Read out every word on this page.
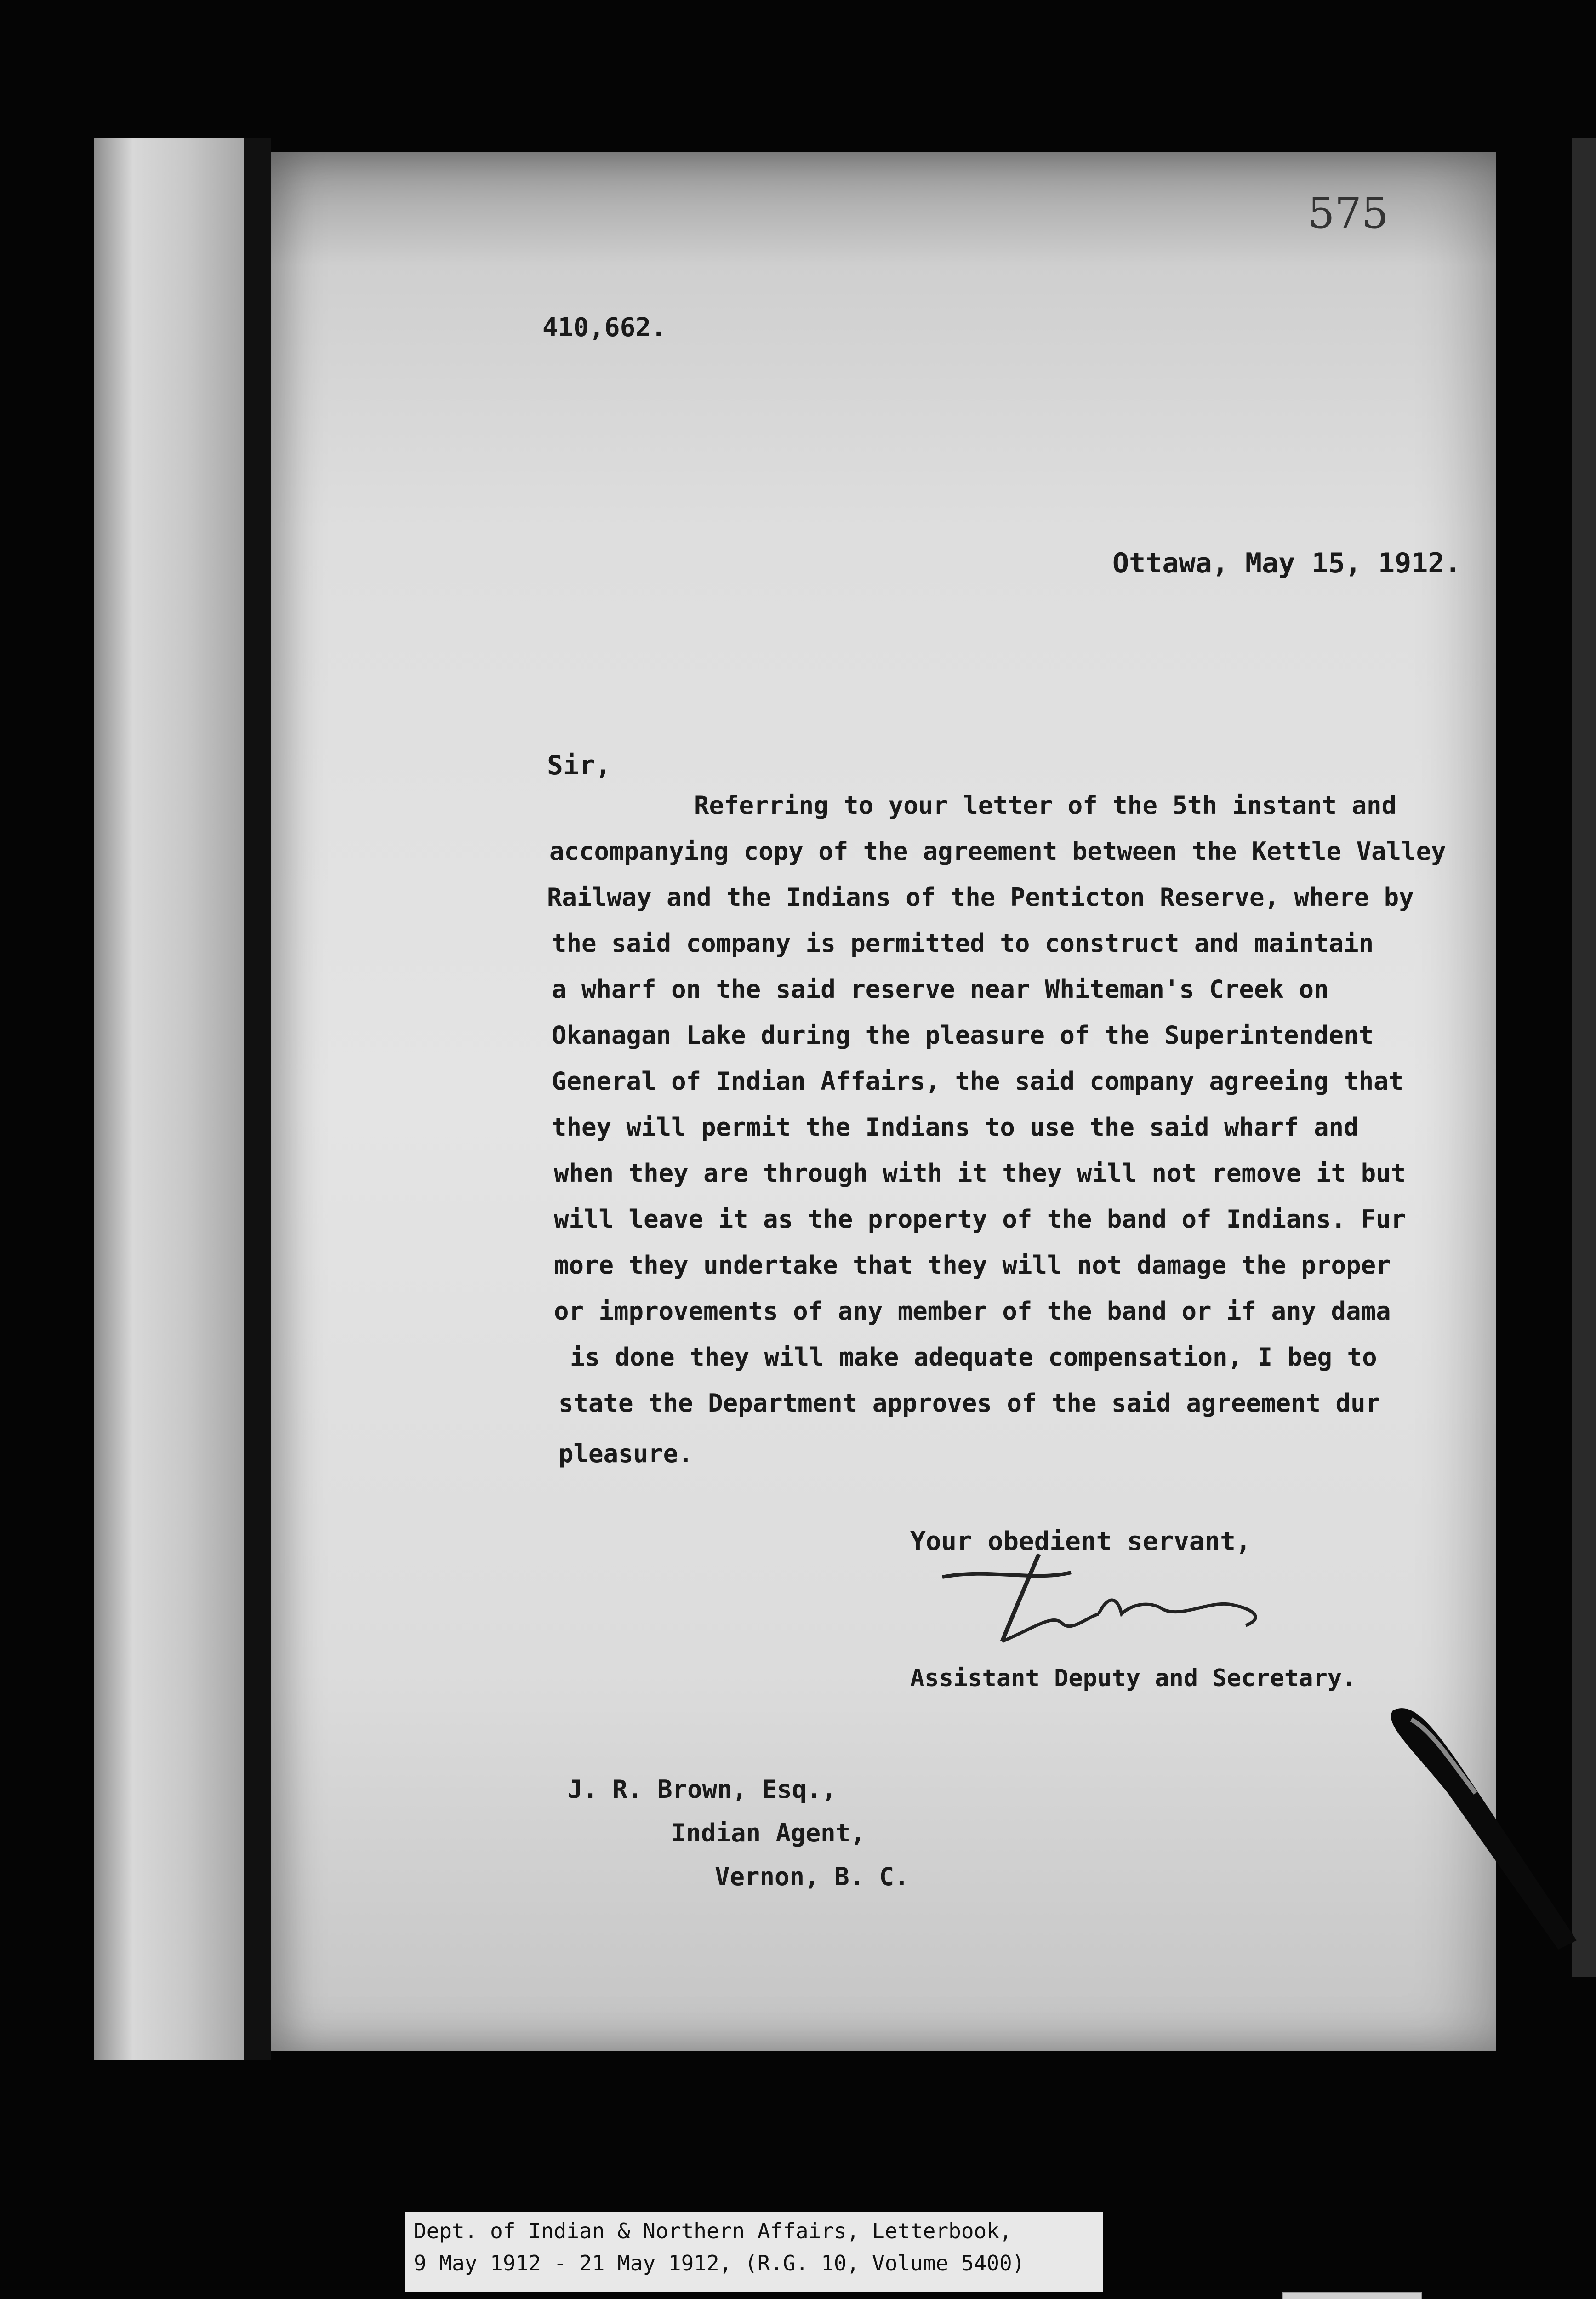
575
410,662.
Ottawa, May 15, 1912.
Sir,
Referring to your letter of the 5th instant and
accompanying copy of the agreement between the Kettle Valley
Railway and the Indians of the Penticton Reserve, where by
the said company is permitted to construct and maintain
a wharf on the said reserve near Whiteman's Creek on
Okanagan Lake during the pleasure of the Superintendent
General of Indian Affairs, the said company agreeing that
they will permit the Indians to use the said wharf and
when they are through with it they will not remove it but
will leave it as the property of the band of Indians. Fur
more they undertake that they will not damage the proper
or improvements of any member of the band or if any dama
is done they will make adequate compensation, I beg to
state the Department approves of the said agreement dur
pleasure.
Your obedient servant,
Assistant Deputy and Secretary.
J. R. Brown, Esq.,
Indian Agent,
Vernon, B. C.
Dept. of Indian & Northern Affairs, Letterbook,
9 May 1912 - 21 May 1912, (R.G. 10, Volume 5400)
